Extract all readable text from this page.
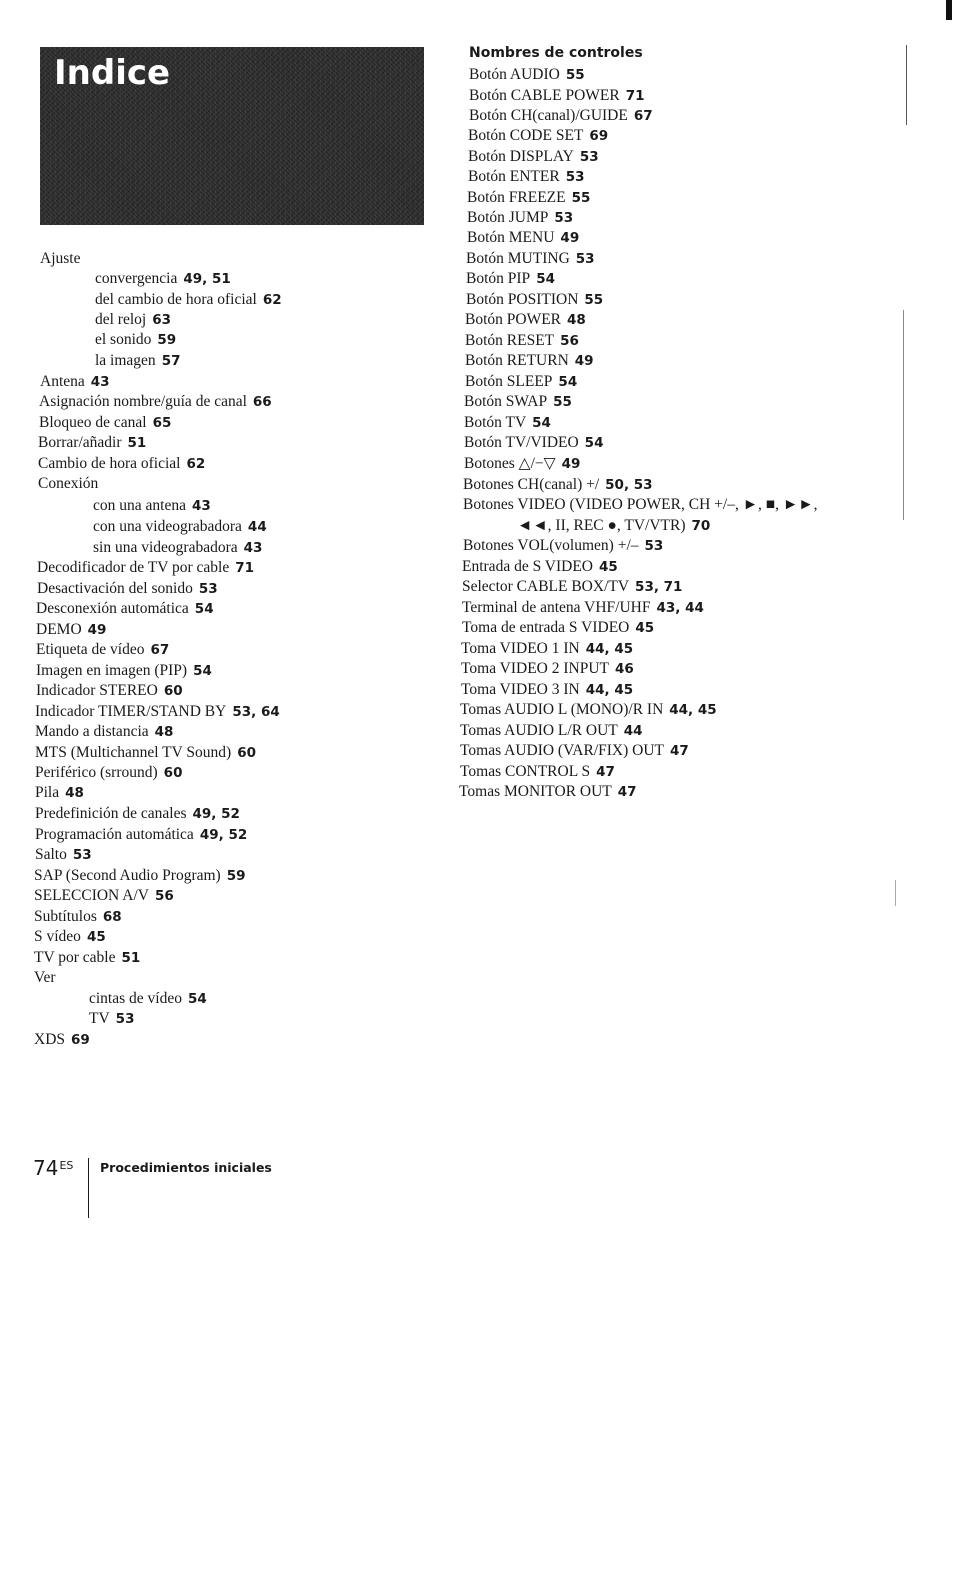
Indice	Nombres de controles
Ajuste
convergencia 49, 51
del cambio de hora oficial 62
del reloj 63
el sonido 59
la imagen 57
Antena 43
Asignación nombre/guía de canal 66
Bloqueo de canal 65
Borrar/añadir 51
Cambio de hora oficial 62
Conexión
con una antena 43
con una videograbadora 44
sin una videograbadora 43
Decodificador de TV por cable 71
Desactivación del sonido 53
Desconexión automática 54
DEMO 49
Etiqueta de vídeo 67
Imagen en imagen (PIP) 54
Indicador STEREO 60
Indicador TIMER/STAND BY 53, 64
Mando a distancia 48
MTS (Multichannel TV Sound) 60
Periférico (srround) 60
Pila 48
Predefinición de canales 49, 52
Programación automática 49, 52
Salto 53
SAP (Second Audio Program) 59
SELECCION A/V 56
Subtítulos 68
S vídeo 45
TV por cable 51
Ver
cintas de vídeo 54
TV 53
XDS 69
Botón AUDIO 55
Botón CABLE POWER 71
Botón CH(canal)/GUIDE 67
Botón CODE SET 69
Botón DISPLAY 53
Botón ENTER 53
Botón FREEZE 55
Botón JUMP 53
Botón MENU 49
Botón MUTING 53
Botón PIP 54
Botón POSITION 55
Botón POWER 48
Botón RESET 56
Botón RETURN 49
Botón SLEEP 54
Botón SWAP 55
Botón TV 54
Botón TV/VIDEO 54
Botones △/−▽ 49
Botones CH(canal) +/ 50, 53
Botones VIDEO (VIDEO POWER, CH +/–, ►, ■, ►►,
◄◄, II, REC ●, TV/VTR) 70
Botones VOL(volumen) +/– 53
Entrada de S VIDEO 45
Selector CABLE BOX/TV 53, 71
Terminal de antena VHF/UHF 43, 44
Toma de entrada S VIDEO 45
Toma VIDEO 1 IN 44, 45
Toma VIDEO 2 INPUT 46
Toma VIDEO 3 IN 44, 45
Tomas AUDIO L (MONO)/R IN 44, 45
Tomas AUDIO L/R OUT 44
Tomas AUDIO (VAR/FIX) OUT 47
Tomas CONTROL S 47
Tomas MONITOR OUT 47
74$^{ES}$ Procedimientos iniciales
